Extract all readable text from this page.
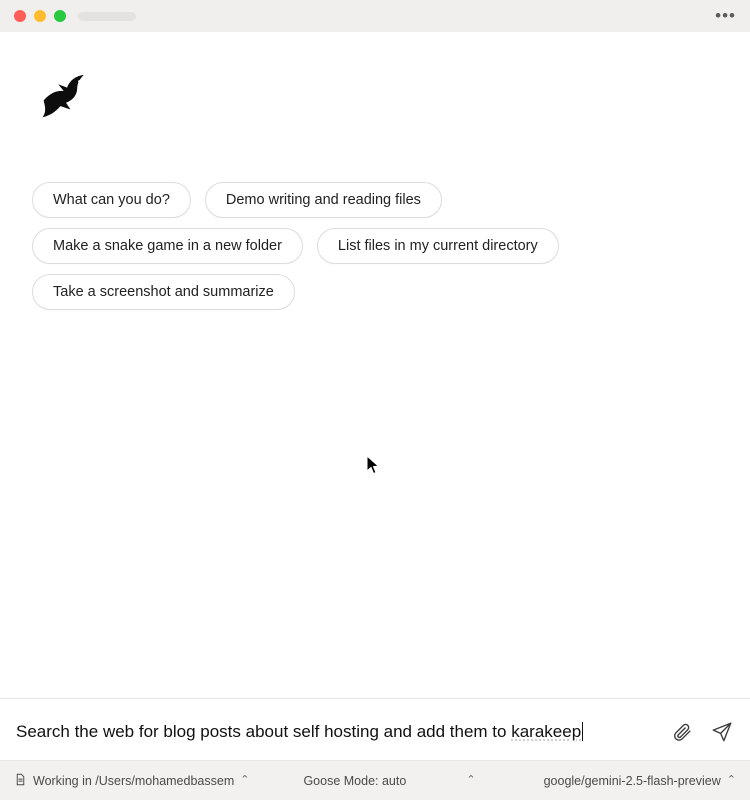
•••
What can you do?	Demo writing and reading files
Make a snake game in a new folder	List files in my current directory
Take a screenshot and summarize
Search the web for blog posts about self hosting and add them to karakeep
Working in /Users/mohamedbassem ⌃	Goose Mode: auto	⌃	google/gemini-2.5-flash-preview ⌃
